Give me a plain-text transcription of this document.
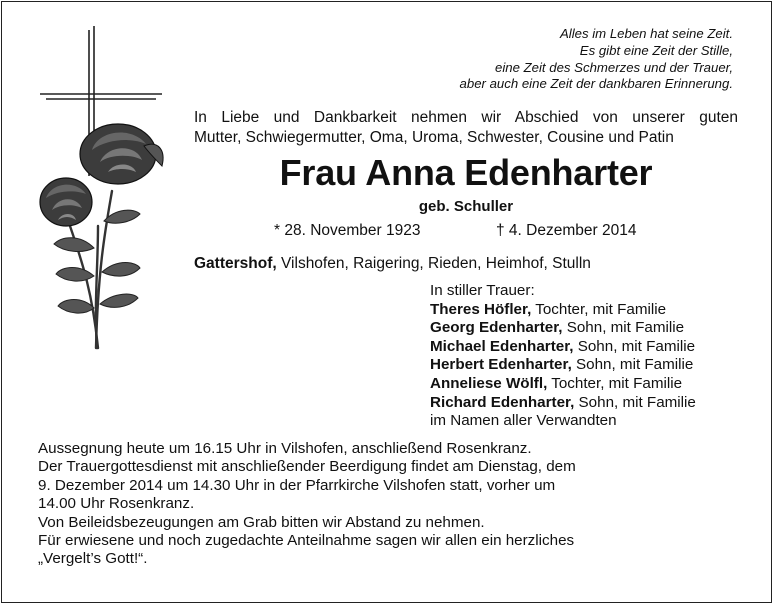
Alles im Leben hat seine Zeit.
Es gibt eine Zeit der Stille,
eine Zeit des Schmerzes und der Trauer,
aber auch eine Zeit der dankbaren Erinnerung.
In Liebe und Dankbarkeit nehmen wir Abschied von unserer guten
Mutter, Schwiegermutter, Oma, Uroma, Schwester, Cousine und Patin
Frau Anna Edenharter
geb. Schuller
* 28. November 1923	† 4. Dezember 2014
Gattershof, Vilshofen, Raigering, Rieden, Heimhof, Stulln
In stiller Trauer:
Theres Höfler, Tochter, mit Familie
Georg Edenharter, Sohn, mit Familie
Michael Edenharter, Sohn, mit Familie
Herbert Edenharter, Sohn, mit Familie
Anneliese Wölfl, Tochter, mit Familie
Richard Edenharter, Sohn, mit Familie
im Namen aller Verwandten
Aussegnung heute um 16.15 Uhr in Vilshofen, anschließend Rosenkranz.
Der Trauergottesdienst mit anschließender Beerdigung findet am Dienstag, dem
9. Dezember 2014 um 14.30 Uhr in der Pfarrkirche Vilshofen statt, vorher um
14.00 Uhr Rosenkranz.
Von Beileidsbezeugungen am Grab bitten wir Abstand zu nehmen.
Für erwiesene und noch zugedachte Anteilnahme sagen wir allen ein herzliches
„Vergelt’s Gott!“.
